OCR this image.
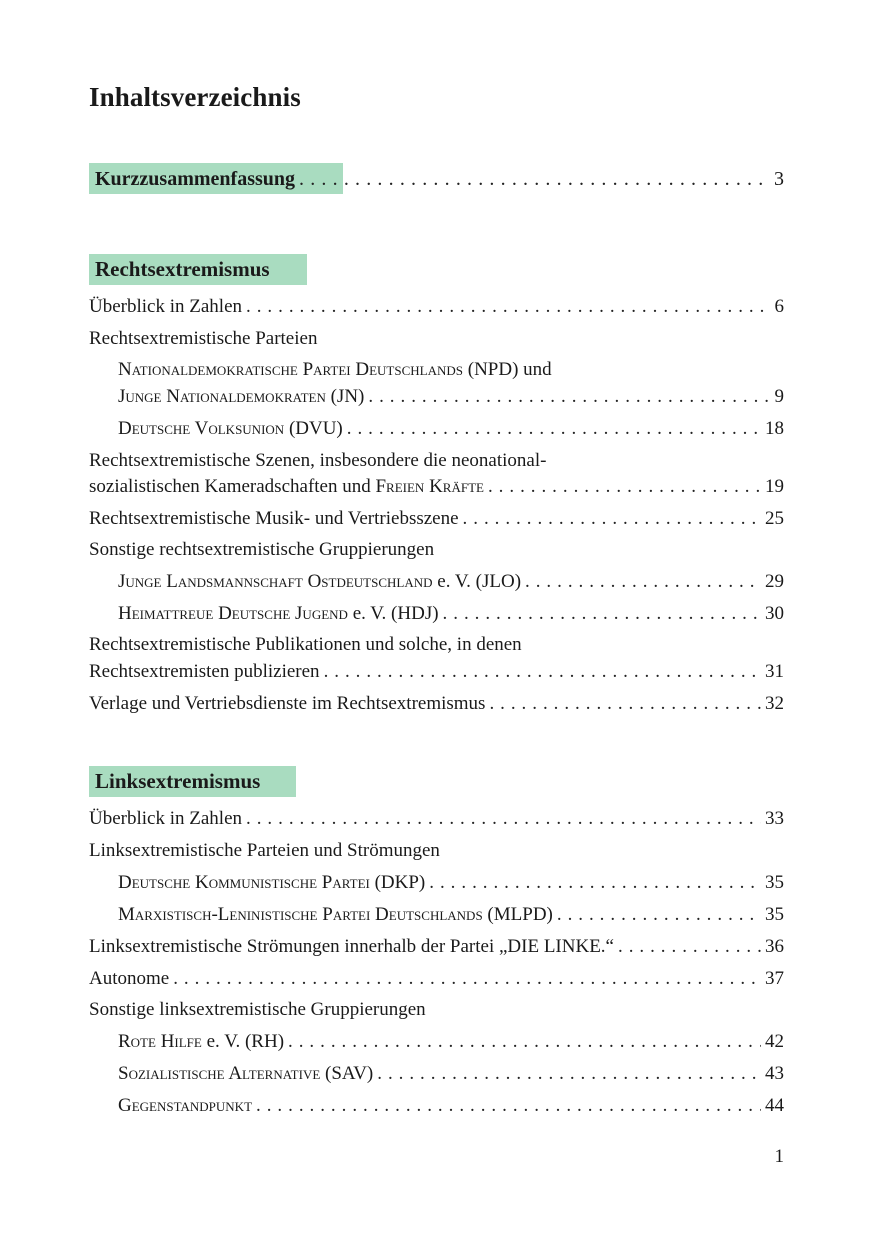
Inhaltsverzeichnis
Kurzzusammenfassung . . .	3
Rechtsextremismus
Überblick in Zahlen . . .	6
Rechtsextremistische Parteien
Nationaldemokratische Partei Deutschlands (NPD) und
Junge Nationaldemokraten (JN) . . .	9
Deutsche Volksunion (DVU) . . .	18
Rechtsextremistische Szenen, insbesondere die neonational-
sozialistischen Kameradschaften und Freien Kräfte . . .	19
Rechtsextremistische Musik- und Vertriebsszene . . .	25
Sonstige rechtsextremistische Gruppierungen
Junge Landsmannschaft Ostdeutschland e. V. (JLO) . . .	29
Heimattreue Deutsche Jugend e. V. (HDJ) . . .	30
Rechtsextremistische Publikationen und solche, in denen
Rechtsextremisten publizieren . . .	31
Verlage und Vertriebsdienste im Rechtsextremismus . . .	32
Linksextremismus
Überblick in Zahlen . . .	33
Linksextremistische Parteien und Strömungen
Deutsche Kommunistische Partei (DKP) . . .	35
Marxistisch-Leninistische Partei Deutschlands (MLPD) . . .	35
Linksextremistische Strömungen innerhalb der Partei „DIE LINKE.“ . . .	36
Autonome . . .	37
Sonstige linksextremistische Gruppierungen
Rote Hilfe e. V. (RH) . . .	42
Sozialistische Alternative (SAV) . . .	43
Gegenstandpunkt . . .	44
1
